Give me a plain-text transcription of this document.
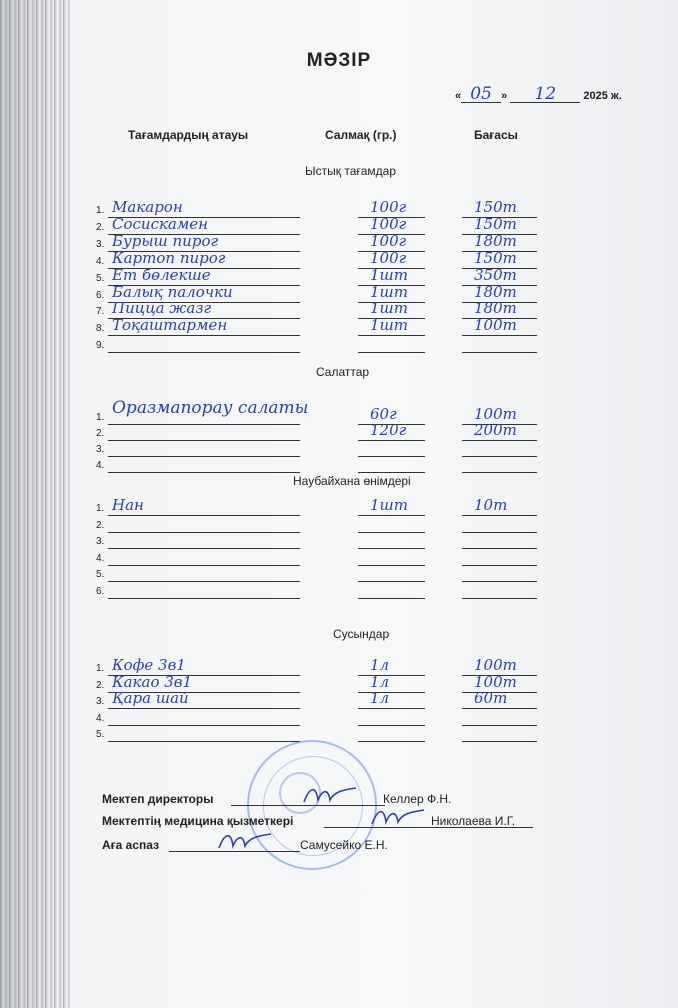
МӘЗІР
« 05 » 12 2025 ж.
Тағамдардың атауы	Салмақ (гр.)	Бағасы
Ыстық тағамдар
1. Макарон	100г	150т
2. Сосискамен	100г	150т
3. Бурыш пирог	100г	180т
4. Картоп пирог	100г	150т
5. Ет бөлекше	1шт	350т
6. Балық палочки	1шт	180т
7. Пицца жазг	1шт	180т
8. Тоқаштармен	1шт	100т
9.
Салаттар
1. Оразмапорау салаты	60г	100т
2.	120г	200т
3.
4.
Наубайхана өнімдері
1. Нан	1шт	10т
2.
3.
4.
5.
6.
Сусындар
1. Кофе 3в1	1л	100т
2. Какао 3в1	1л	100т
3. Қара шай	1л	60т
4.
5.
Мектеп директоры	Келлер Ф.Н.
Мектептің медицина қызметкері	Николаева И.Г.
Аға аспаз	Самусейко Е.Н.
